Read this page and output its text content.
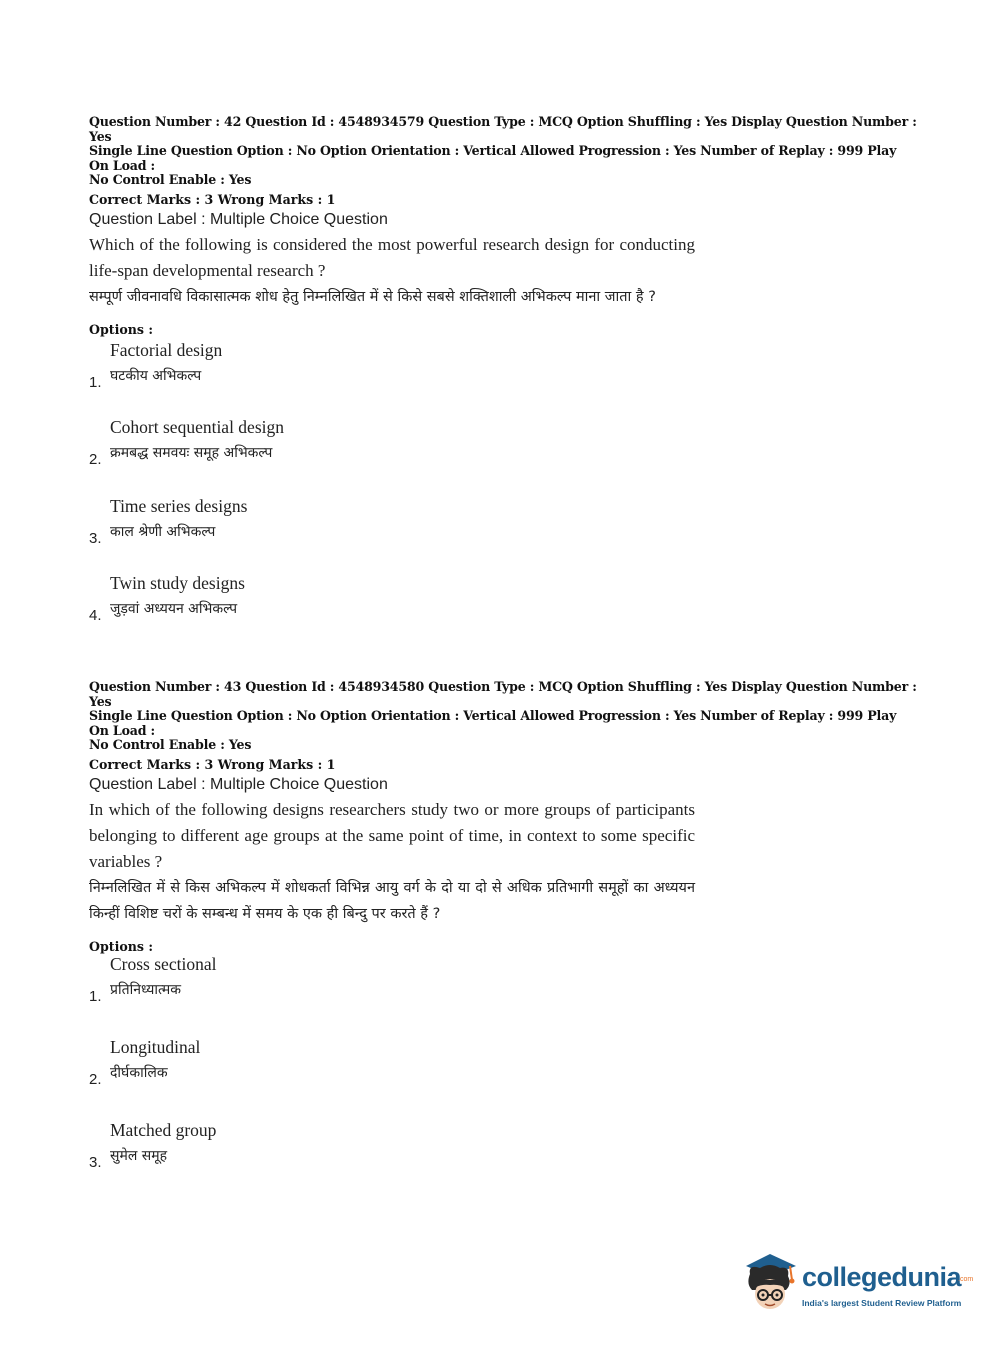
Question Number : 42 Question Id : 4548934579 Question Type : MCQ Option Shuffling : Yes Display Question Number : Yes
Single Line Question Option : No Option Orientation : Vertical Allowed Progression : Yes Number of Replay : 999 Play On Load :
No Control Enable : Yes

Correct Marks : 3 Wrong Marks : 1

Question Label : Multiple Choice Question

Which of the following is considered the most powerful research design for conducting life-span developmental research ?

सम्पूर्ण जीवनावधि विकासात्मक शोध हेतु निम्नलिखित में से किसे सबसे शक्तिशाली अभिकल्प माना जाता है ?

Options :

Factorial design
घटकीय अभिकल्प
1.
Cohort sequential design
क्रमबद्ध समवयः समूह अभिकल्प
2.
Time series designs
काल श्रेणी अभिकल्प
3.
Twin study designs
जुड़वां अध्ययन अभिकल्प
4.

Question Number : 43 Question Id : 4548934580 Question Type : MCQ Option Shuffling : Yes Display Question Number : Yes
Single Line Question Option : No Option Orientation : Vertical Allowed Progression : Yes Number of Replay : 999 Play On Load :
No Control Enable : Yes

Correct Marks : 3 Wrong Marks : 1

Question Label : Multiple Choice Question

In which of the following designs researchers study two or more groups of participants belonging to different age groups at the same point of time, in context to some specific variables ?

निम्नलिखित में से किस अभिकल्प में शोधकर्ता विभिन्न आयु वर्ग के दो या दो से अधिक प्रतिभागी समूहों का अध्ययन किन्हीं विशिष्ट चरों के सम्बन्ध में समय के एक ही बिन्दु पर करते हैं ?

Options :

Cross sectional
प्रतिनिध्यात्मक
1.
Longitudinal
दीर्घकालिक
2.
Matched group
सुमेल समूह
3.
collegedunia
.com
India's largest Student Review Platform
